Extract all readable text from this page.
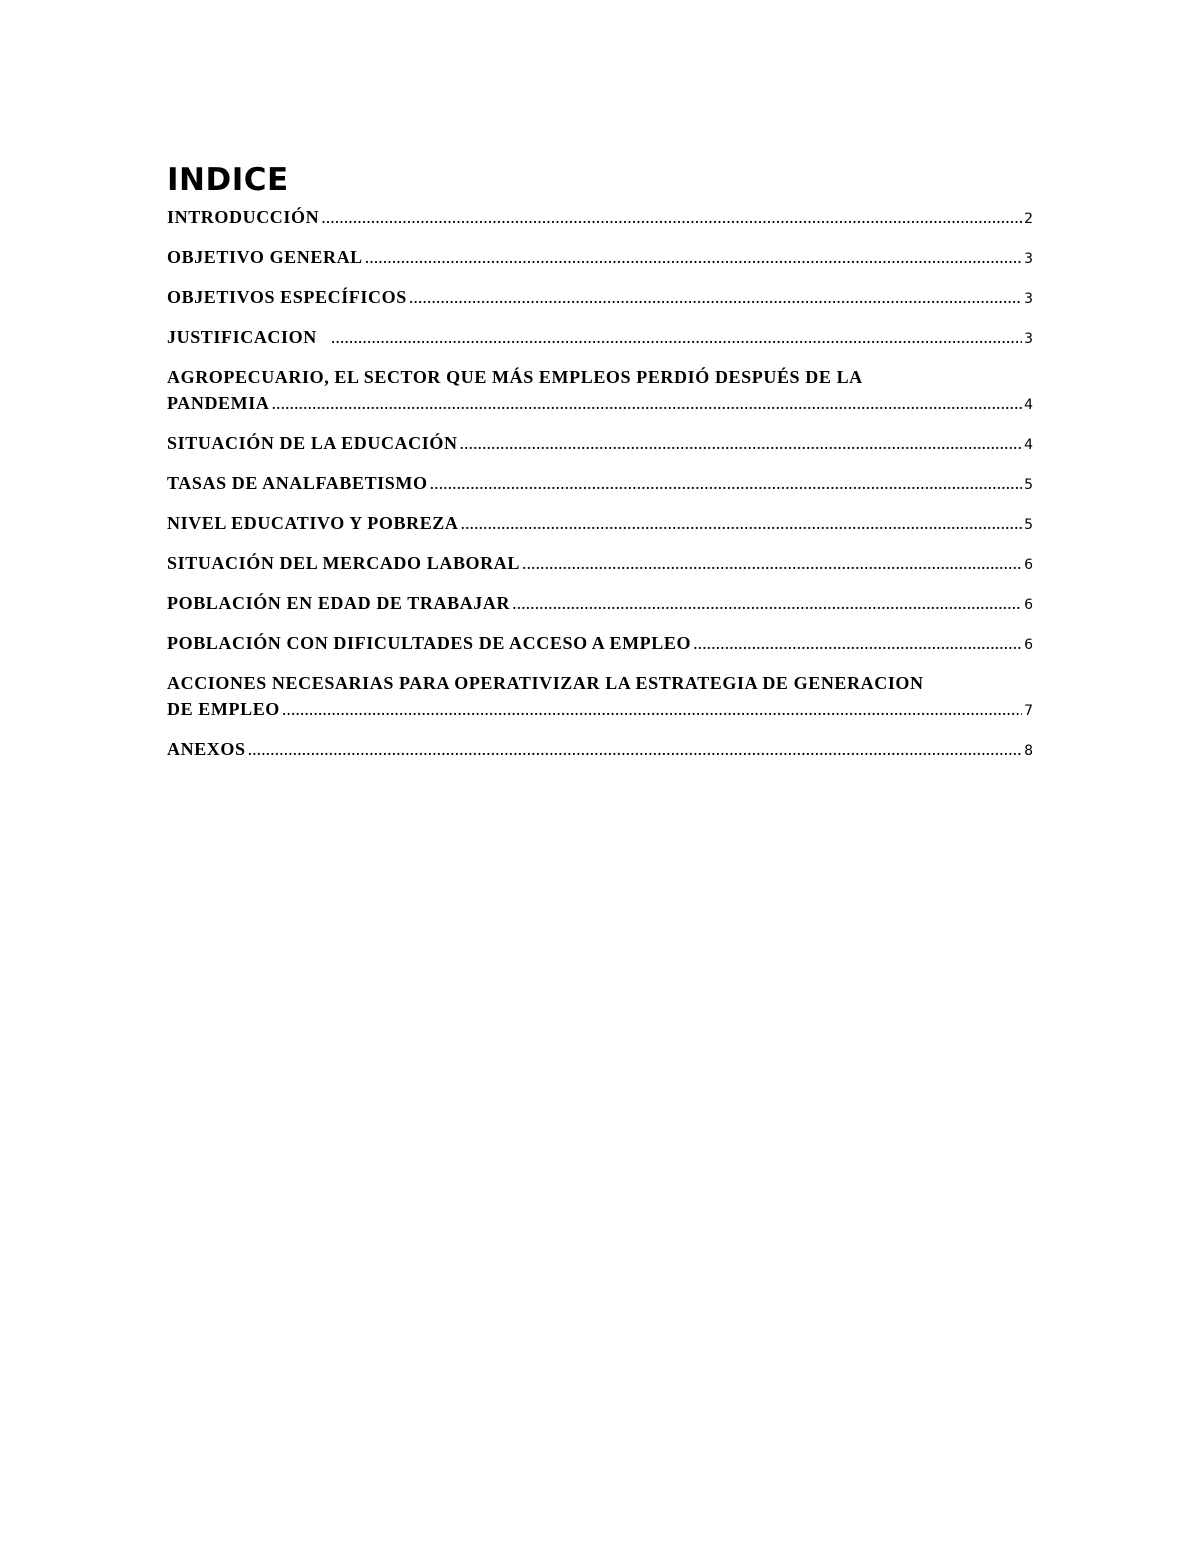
INDICE
INTRODUCCIÓN .....	2
OBJETIVO GENERAL .....	3
OBJETIVOS ESPECÍFICOS .....	3
JUSTIFICACION .....	3
AGROPECUARIO, EL SECTOR QUE MÁS EMPLEOS PERDIÓ DESPUÉS DE LA
PANDEMIA .....	4
SITUACIÓN DE LA EDUCACIÓN .....	4
TASAS DE ANALFABETISMO .....	5
NIVEL EDUCATIVO Y POBREZA .....	5
SITUACIÓN DEL MERCADO LABORAL .....	6
POBLACIÓN EN EDAD DE TRABAJAR .....	6
POBLACIÓN CON DIFICULTADES DE ACCESO A EMPLEO .....	6
ACCIONES NECESARIAS PARA OPERATIVIZAR LA ESTRATEGIA DE GENERACION
DE EMPLEO .....	7
ANEXOS .....	8
